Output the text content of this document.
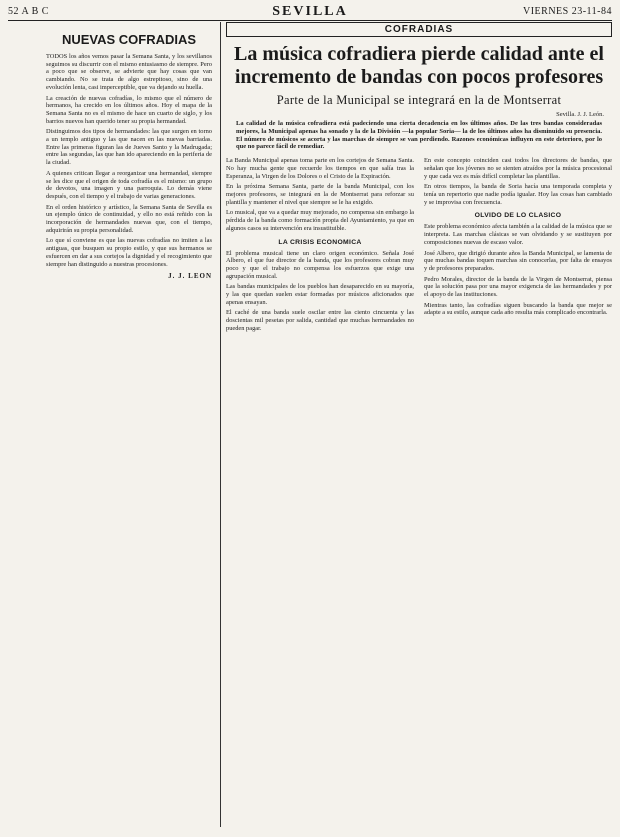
52 A B C	SEVILLA	VIERNES 23-11-84
NUEVAS COFRADIAS

TODOS los años vemos pasar la Semana Santa, y los sevillanos seguimos su discurrir con el mismo entusiasmo de siempre. Pero a poco que se observe, se advierte que hay cosas que van cambiando. No se trata de algo estrepitoso, sino de una evolución lenta, casi imperceptible, que va dejando su huella.

La creación de nuevas cofradías, lo mismo que el número de hermanos, ha crecido en los últimos años. Hoy el mapa de la Semana Santa no es el mismo de hace un cuarto de siglo, y los barrios nuevos han querido tener su propia hermandad.

Distinguimos dos tipos de hermandades: las que surgen en torno a un templo antiguo y las que nacen en las nuevas barriadas. Entre las primeras figuran las de Jueves Santo y la Madrugada; entre las segundas, las que han ido apareciendo en la periferia de la ciudad.

A quienes critican llegar a reorganizar una hermandad, siempre se les dice que el origen de toda cofradía es el mismo: un grupo de devotos, una imagen y una parroquia. Lo demás viene después, con el tiempo y el trabajo de varias generaciones.

En el orden histórico y artístico, la Semana Santa de Sevilla es un ejemplo único de continuidad, y ello no está reñido con la incorporación de hermandades nuevas que, con el tiempo, adquirirán su propia personalidad.

Lo que sí conviene es que las nuevas cofradías no imiten a las antiguas, que busquen su propio estilo, y que sus hermanos se esfuercen en dar a sus cortejos la dignidad y el recogimiento que siempre han distinguido a nuestras procesiones.

J. J. LEON
COFRADIAS
La música cofradiera pierde calidad ante el incremento de bandas con pocos profesores
Parte de la Municipal se integrará en la de Montserrat
Sevilla. J. J. León.

La calidad de la música cofradiera está padeciendo una cierta decadencia en los últimos años. De las tres bandas consideradas mejores, la Municipal apenas ha sonado y la de la División —la popular Soria— la de los últimos años ha disminuido su presencia. El número de músicos se acorta y las marchas de siempre se van perdiendo. Razones económicas influyen en este deterioro, por lo que no parece fácil de remediar.

La Banda Municipal apenas toma parte en los cortejos de Semana Santa. No hay mucha gente que recuerde los tiempos en que salía tras la Esperanza, la Virgen de los Dolores o el Cristo de la Expiración.

En la próxima Semana Santa, parte de la banda Municipal, con los mejores profesores, se integrará en la de Montserrat para reforzar su plantilla y mantener el nivel que siempre se le ha exigido.

Lo musical, que va a quedar muy mejorado, no compensa sin embargo la pérdida de la banda como formación propia del Ayuntamiento, ya que en algunos casos su intervención era insustituible.

LA CRISIS ECONOMICA

El problema musical tiene un claro origen económico. Señala José Albero, el que fue director de la banda, que los profesores cobran muy poco y que el trabajo no compensa los esfuerzos que exige una agrupación musical.

Las bandas municipales de los pueblos han desaparecido en su mayoría, y las que quedan suelen estar formadas por músicos aficionados que apenas ensayan.

El caché de una banda suele oscilar entre las ciento cincuenta y las doscientas mil pesetas por salida, cantidad que muchas hermandades no pueden pagar.

En este concepto coinciden casi todos los directores de bandas, que señalan que los jóvenes no se sienten atraídos por la música procesional y que cada vez es más difícil completar las plantillas.

En otros tiempos, la banda de Soria hacía una temporada completa y tenía un repertorio que nadie podía igualar. Hoy las cosas han cambiado y se improvisa con frecuencia.

OLVIDO DE LO CLASICO

Este problema económico afecta también a la calidad de la música que se interpreta. Las marchas clásicas se van olvidando y se sustituyen por composiciones nuevas de escaso valor.

José Albero, que dirigió durante años la Banda Municipal, se lamenta de que muchas bandas toquen marchas sin conocerlas, por falta de ensayos y de profesores preparados.

Pedro Morales, director de la banda de la Virgen de Montserrat, piensa que la solución pasa por una mayor exigencia de las hermandades y por el apoyo de las instituciones.

Mientras tanto, las cofradías siguen buscando la banda que mejor se adapte a su estilo, aunque cada año resulta más complicado encontrarla.
